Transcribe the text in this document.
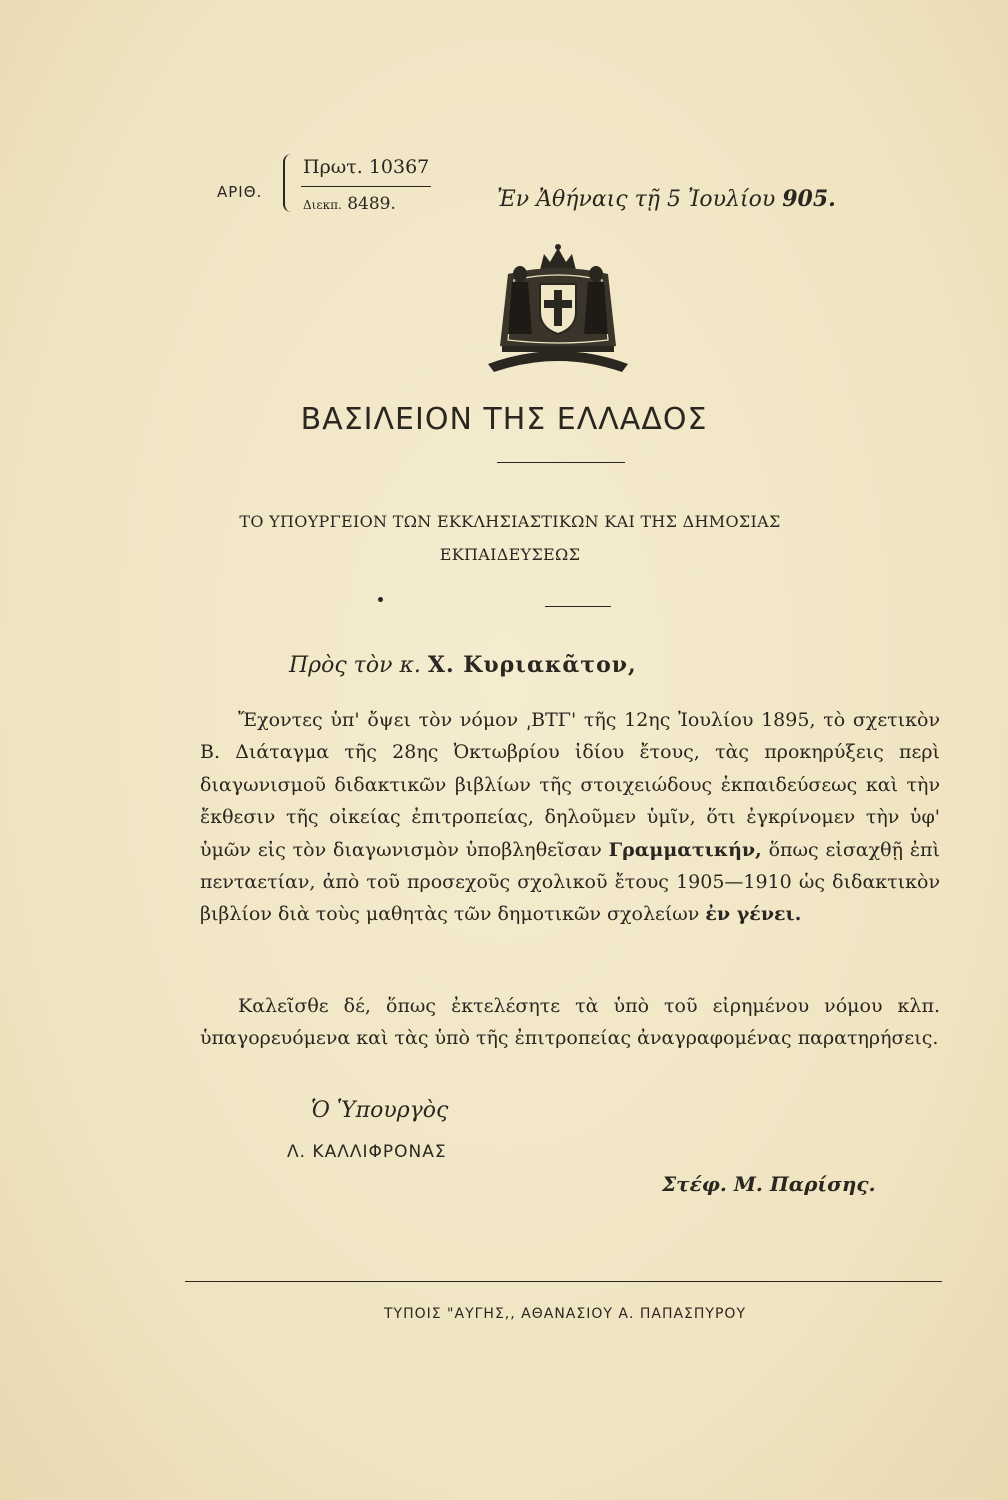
ΑΡΙΘ.
Πρωτ. 10367
Διεκπ. 8489.	Ἐν Ἀθήναις τῇ 5 Ἰουλίου 905.
ΒΑΣΙΛΕΙΟΝ ΤΗΣ ΕΛΛΑΔΟΣ
ΤΟ ΥΠΟΥΡΓΕΙΟΝ ΤΩΝ ΕΚΚΛΗΣΙΑΣΤΙΚΩΝ ΚΑΙ ΤΗΣ ΔΗΜΟΣΙΑΣ
ΕΚΠΑΙΔΕΥΣΕΩΣ
Πρὸς τὸν κ. Χ. Κυριακᾶτον,
  Ἔχοντες ὑπ' ὄψει τὸν νόμον ͵ΒΤΓ' τῆς 12ης Ἰουλίου 1895, τὸ σχετικὸν Β. Διάταγμα τῆς 28ης Ὀκτωβρίου ἰδίου ἔτους, τὰς προκηρύξεις περὶ διαγωνισμοῦ διδακτικῶν βιβλίων τῆς στοιχειώδους ἐκπαιδεύσεως καὶ τὴν ἔκθεσιν τῆς οἰκείας ἐπιτροπείας, δηλοῦμεν ὑμῖν, ὅτι ἐγκρίνομεν τὴν ὑφ' ὑμῶν εἰς τὸν διαγωνισμὸν ὑποβληθεῖσαν Γραμματικήν, ὅπως εἰσαχθῇ ἐπὶ πενταετίαν, ἀπὸ τοῦ προσεχοῦς σχολικοῦ ἔτους 1905—1910 ὡς διδακτικὸν βιβλίον διὰ τοὺς μαθητὰς τῶν δημοτικῶν σχολείων ἐν γένει.
  Καλεῖσθε δέ, ὅπως ἐκτελέσητε τὰ ὑπὸ τοῦ εἰρημένου νόμου κλπ. ὑπαγορευόμενα καὶ τὰς ὑπὸ τῆς ἐπιτροπείας ἀναγραφομένας παρατηρήσεις.
Ὁ Ὑπουργὸς
Λ. ΚΑΛΛΙΦΡΟΝΑΣ
Στέφ. Μ. Παρίσης.
ΤΥΠΟΙΣ "ΑΥΓΗΣ,, ΑΘΑΝΑΣΙΟΥ Α. ΠΑΠΑΣΠΥΡΟΥ
